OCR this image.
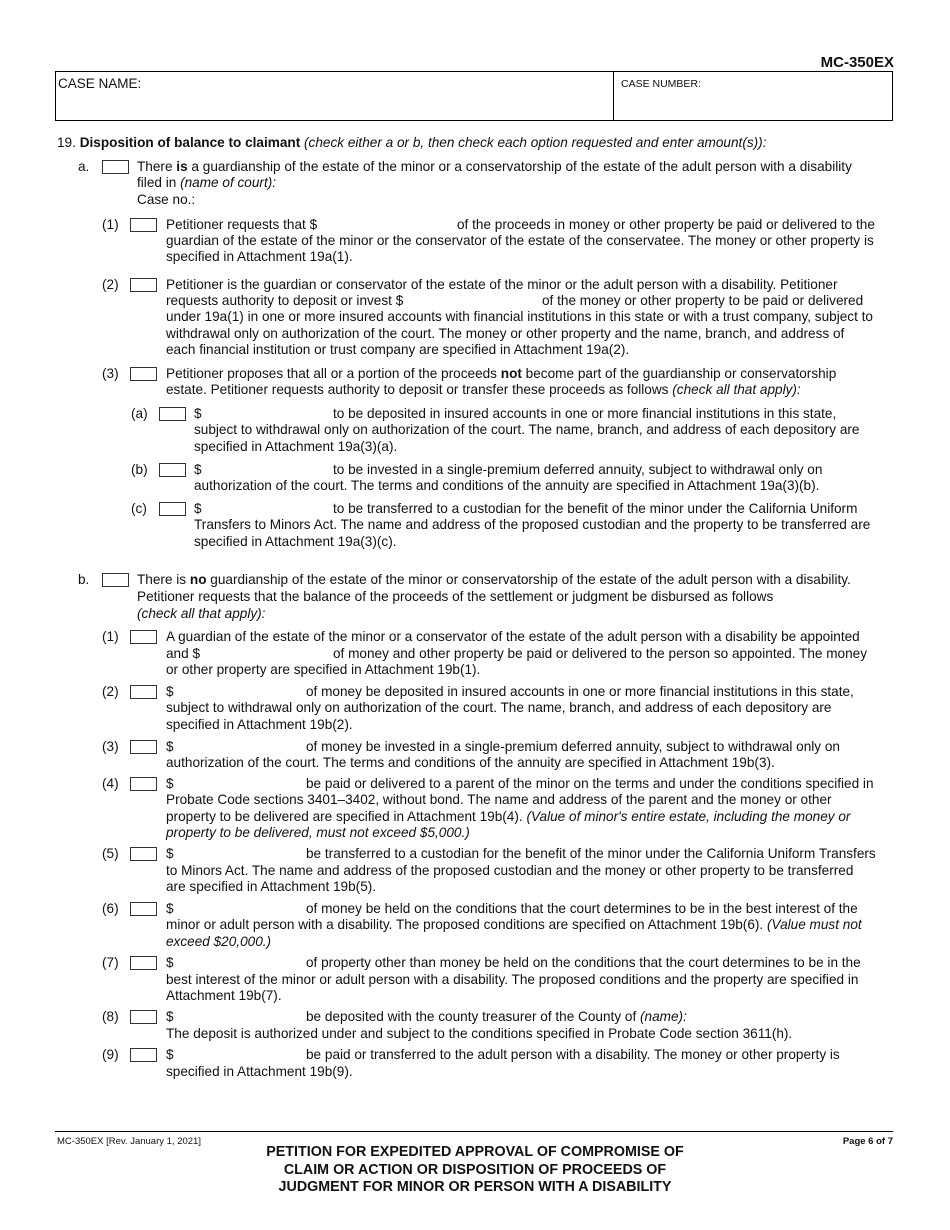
MC-350EX
CASE NAME:	CASE NUMBER:
19. Disposition of balance to claimant (check either a or b, then check each option requested and enter amount(s)):
a.	There is a guardianship of the estate of the minor or a conservatorship of the estate of the adult person with a disability
filed in (name of court):
Case no.:
(1)	Petitioner requests that $	of the proceeds in money or other property be paid or delivered to the
guardian of the estate of the minor or the conservator of the estate of the conservatee. The money or other property is
specified in Attachment 19a(1).
(2)	Petitioner is the guardian or conservator of the estate of the minor or the adult person with a disability. Petitioner
requests authority to deposit or invest $	of the money or other property to be paid or delivered
under 19a(1) in one or more insured accounts with financial institutions in this state or with a trust company, subject to
withdrawal only on authorization of the court. The money or other property and the name, branch, and address of
each financial institution or trust company are specified in Attachment 19a(2).
(3)	Petitioner proposes that all or a portion of the proceeds not become part of the guardianship or conservatorship
estate. Petitioner requests authority to deposit or transfer these proceeds as follows (check all that apply):
(a)	$	to be deposited in insured accounts in one or more financial institutions in this state,
subject to withdrawal only on authorization of the court. The name, branch, and address of each depository are
specified in Attachment 19a(3)(a).
(b)	$	to be invested in a single-premium deferred annuity, subject to withdrawal only on
authorization of the court. The terms and conditions of the annuity are specified in Attachment 19a(3)(b).
(c)	$	to be transferred to a custodian for the benefit of the minor under the California Uniform
Transfers to Minors Act. The name and address of the proposed custodian and the property to be transferred are
specified in Attachment 19a(3)(c).
b.	There is no guardianship of the estate of the minor or conservatorship of the estate of the adult person with a disability.
Petitioner requests that the balance of the proceeds of the settlement or judgment be disbursed as follows
(check all that apply):
(1)	A guardian of the estate of the minor or a conservator of the estate of the adult person with a disability be appointed
and $	of money and other property be paid or delivered to the person so appointed. The money
or other property are specified in Attachment 19b(1).
(2)	$	of money be deposited in insured accounts in one or more financial institutions in this state,
subject to withdrawal only on authorization of the court. The name, branch, and address of each depository are
specified in Attachment 19b(2).
(3)	$	of money be invested in a single-premium deferred annuity, subject to withdrawal only on
authorization of the court. The terms and conditions of the annuity are specified in Attachment 19b(3).
(4)	$	be paid or delivered to a parent of the minor on the terms and under the conditions specified in
Probate Code sections 3401–3402, without bond. The name and address of the parent and the money or other
property to be delivered are specified in Attachment 19b(4). (Value of minor's entire estate, including the money or
property to be delivered, must not exceed $5,000.)
(5)	$	be transferred to a custodian for the benefit of the minor under the California Uniform Transfers
to Minors Act. The name and address of the proposed custodian and the money or other property to be transferred
are specified in Attachment 19b(5).
(6)	$	of money be held on the conditions that the court determines to be in the best interest of the
minor or adult person with a disability. The proposed conditions are specified on Attachment 19b(6). (Value must not
exceed $20,000.)
(7)	$	of property other than money be held on the conditions that the court determines to be in the
best interest of the minor or adult person with a disability. The proposed conditions and the property are specified in
Attachment 19b(7).
(8)	$	be deposited with the county treasurer of the County of (name):
The deposit is authorized under and subject to the conditions specified in Probate Code section 3611(h).
(9)	$	be paid or transferred to the adult person with a disability. The money or other property is
specified in Attachment 19b(9).
MC-350EX [Rev. January 1, 2021]	Page 6 of 7
PETITION FOR EXPEDITED APPROVAL OF COMPROMISE OF
CLAIM OR ACTION OR DISPOSITION OF PROCEEDS OF
JUDGMENT FOR MINOR OR PERSON WITH A DISABILITY
